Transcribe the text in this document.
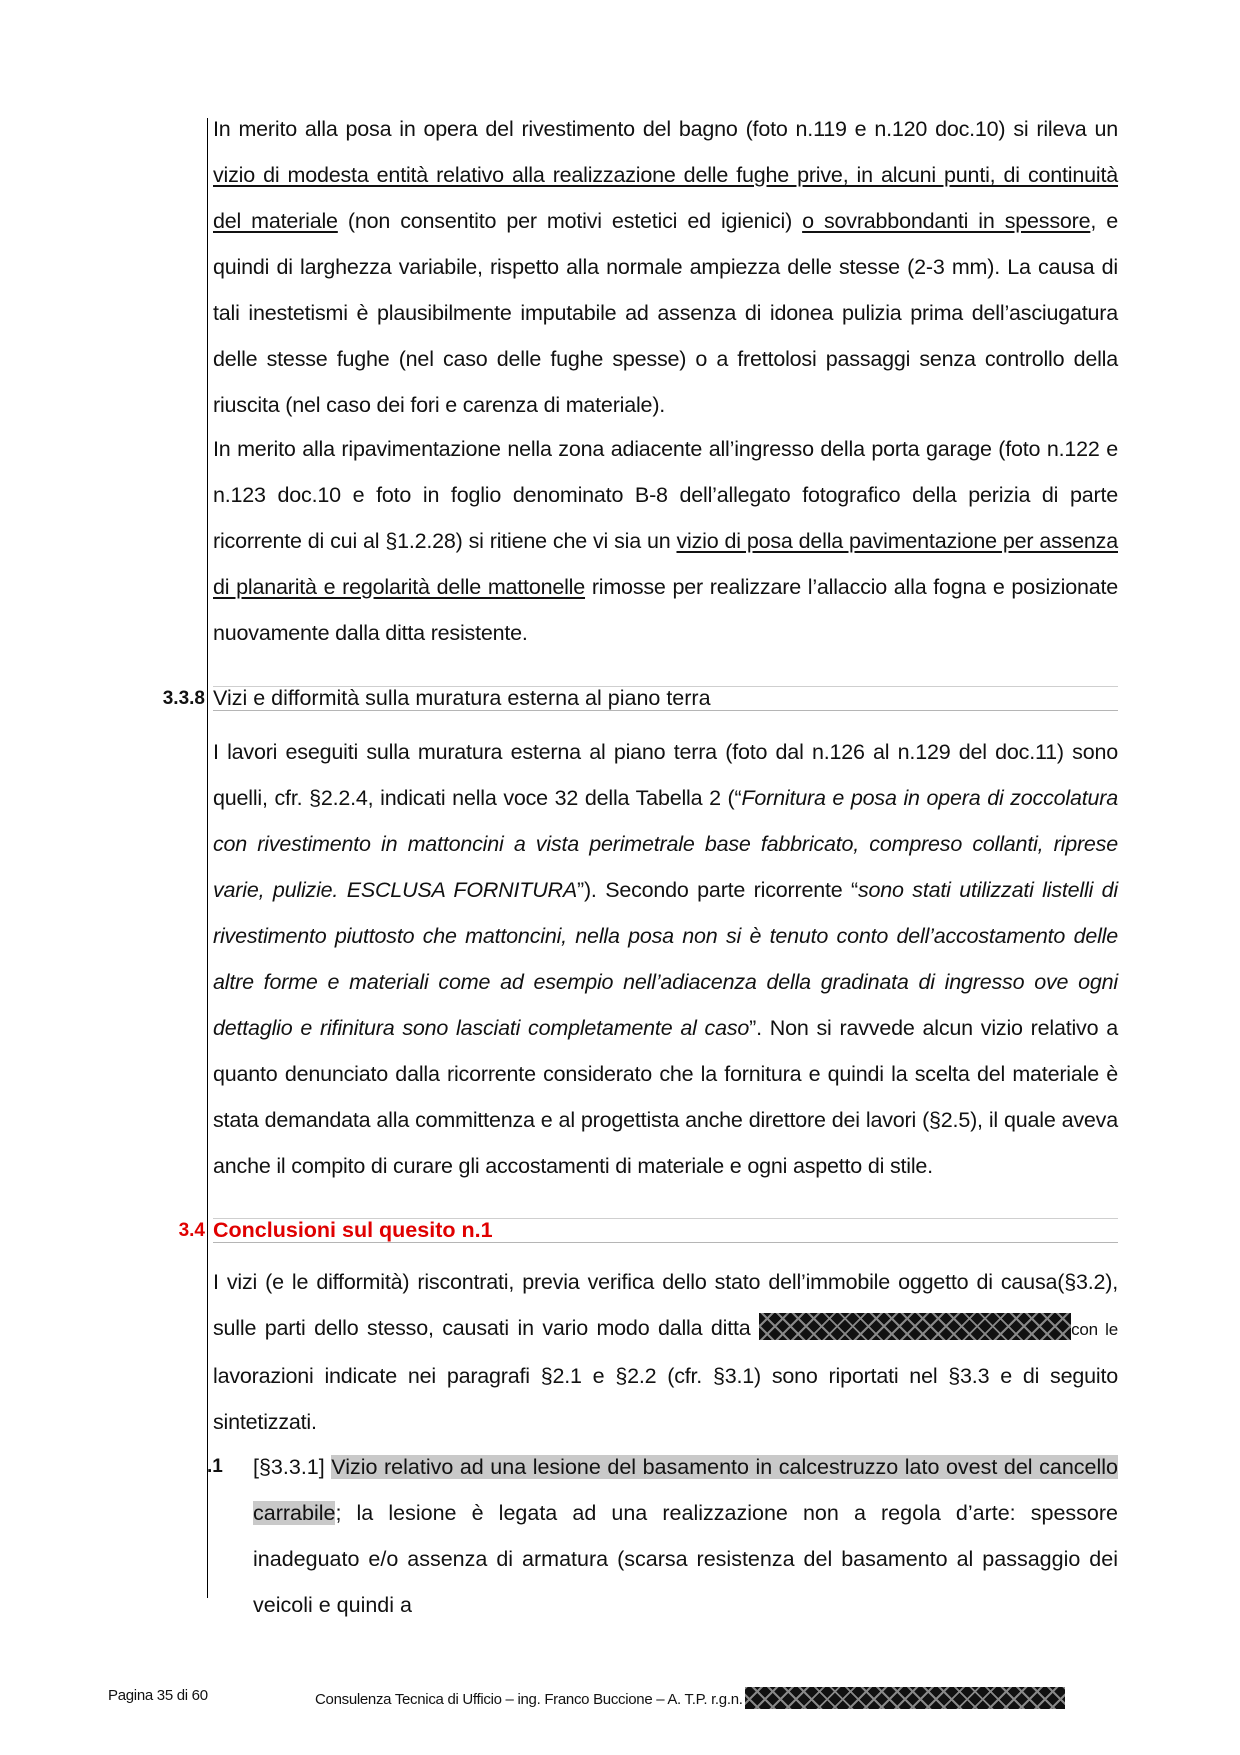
In merito alla posa in opera del rivestimento del bagno (foto n.119 e n.120 doc.10) si rileva un vizio di modesta entità relativo alla realizzazione delle fughe prive, in alcuni punti, di continuità del materiale (non consentito per motivi estetici ed igienici) o sovrabbondanti in spessore, e quindi di larghezza variabile, rispetto alla normale ampiezza delle stesse (2-3 mm). La causa di tali inestetismi è plausibilmente imputabile ad assenza di idonea pulizia prima dell’asciugatura delle stesse fughe (nel caso delle fughe spesse) o a frettolosi passaggi senza controllo della riuscita (nel caso dei fori e carenza di materiale).

In merito alla ripavimentazione nella zona adiacente all’ingresso della porta garage (foto n.122 e n.123 doc.10 e foto in foglio denominato B-8 dell’allegato fotografico della perizia di parte ricorrente di cui al §1.2.28) si ritiene che vi sia un vizio di posa della pavimentazione per assenza di planarità e regolarità delle mattonelle rimosse per realizzare l’allaccio alla fogna e posizionate nuovamente dalla ditta resistente.

3.3.8 Vizi e difformità sulla muratura esterna al piano terra

I lavori eseguiti sulla muratura esterna al piano terra (foto dal n.126 al n.129 del doc.11) sono quelli, cfr. §2.2.4, indicati nella voce 32 della Tabella 2 (“Fornitura e posa in opera di zoccolatura con rivestimento in mattoncini a vista perimetrale base fabbricato, compreso collanti, riprese varie, pulizie. ESCLUSA FORNITURA”). Secondo parte ricorrente “sono stati utilizzati listelli di rivestimento piuttosto che mattoncini, nella posa non si è tenuto conto dell’accostamento delle altre forme e materiali come ad esempio nell’adiacenza della gradinata di ingresso ove ogni dettaglio e rifinitura sono lasciati completamente al caso”. Non si ravvede alcun vizio relativo a quanto denunciato dalla ricorrente considerato che la fornitura e quindi la scelta del materiale è stata demandata alla committenza e al progettista anche direttore dei lavori (§2.5), il quale aveva anche il compito di curare gli accostamenti di materiale e ogni aspetto di stile.

3.4 Conclusioni sul quesito n.1

I vizi (e le difformità) riscontrati, previa verifica dello stato dell’immobile oggetto di causa(§3.2), sulle parti dello stesso, causati in vario modo dalla ditta	con le lavorazioni indicate nei paragrafi §2.1 e §2.2 (cfr. §3.1) sono riportati nel §3.3 e di seguito sintetizzati.

.1 [§3.3.1] Vizio relativo ad una lesione del basamento in calcestruzzo lato ovest del cancello carrabile; la lesione è legata ad una realizzazione non a regola d’arte: spessore inadeguato e/o assenza di armatura (scarsa resistenza del basamento al passaggio dei veicoli e quindi a
Pagina 35 di 60	Consulenza Tecnica di Ufficio – ing. Franco Buccione – A. T.P. r.g.n.
